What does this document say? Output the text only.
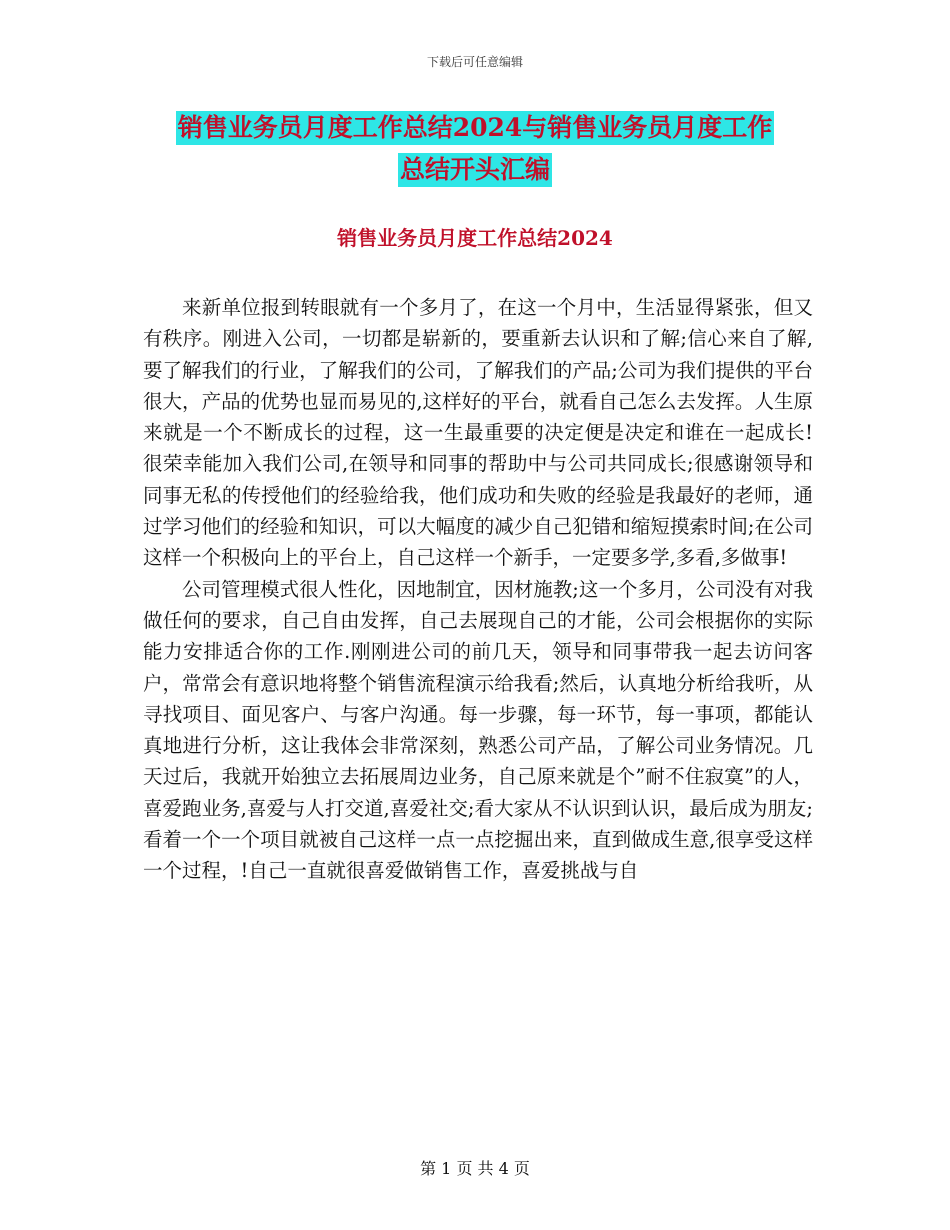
下载后可任意编辑
销售业务员月度工作总结2024与销售业务员月度工作
总结开头汇编
销售业务员月度工作总结2024

来新单位报到转眼就有一个多月了，在这一个月中，生活显得紧张，但又有秩序。刚进入公司，一切都是崭新的，要重新去认识和了解;信心来自了解,要了解我们的行业，了解我们的公司，了解我们的产品;公司为我们提供的平台很大，产品的优势也显而易见的,这样好的平台，就看自己怎么去发挥。人生原来就是一个不断成长的过程，这一生最重要的决定便是决定和谁在一起成长!很荣幸能加入我们公司,在领导和同事的帮助中与公司共同成长;很感谢领导和同事无私的传授他们的经验给我，他们成功和失败的经验是我最好的老师，通过学习他们的经验和知识，可以大幅度的减少自己犯错和缩短摸索时间;在公司这样一个积极向上的平台上，自己这样一个新手，一定要多学,多看,多做事!

公司管理模式很人性化，因地制宜，因材施教;这一个多月，公司没有对我做任何的要求，自己自由发挥，自己去展现自己的才能，公司会根据你的实际能力安排适合你的工作.刚刚进公司的前几天，领导和同事带我一起去访问客户，常常会有意识地将整个销售流程演示给我看;然后，认真地分析给我听，从寻找项目、面见客户、与客户沟通。每一步骤，每一环节，每一事项，都能认真地进行分析，这让我体会非常深刻，熟悉公司产品，了解公司业务情况。几天过后，我就开始独立去拓展周边业务，自己原来就是个”耐不住寂寞”的人，喜爱跑业务,喜爱与人打交道,喜爱社交;看大家从不认识到认识，最后成为朋友;看着一个一个项目就被自己这样一点一点挖掘出来，直到做成生意,很享受这样一个过程，!自己一直就很喜爱做销售工作，喜爱挑战与自

第 1 页 共 4 页
